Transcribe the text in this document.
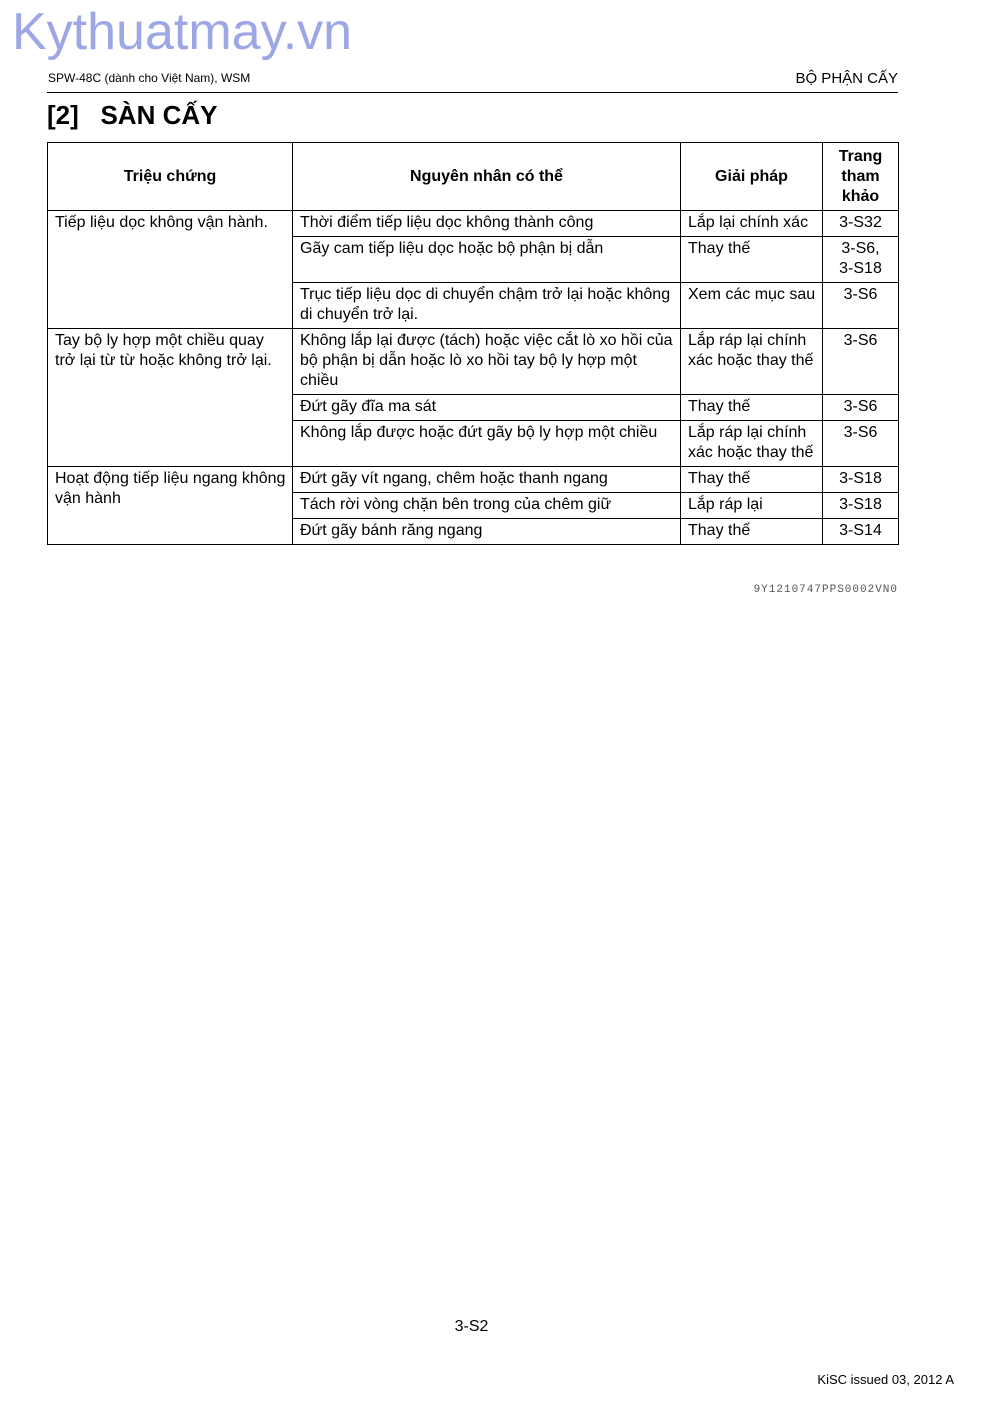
Kythuatmay.vn
SPW-48C (dành cho Việt Nam), WSM	BỘ PHẬN CẤY
[2] SÀN CẤY
Triệu chứng	Nguyên nhân có thể	Giải pháp	Trang
tham
khảo
Tiếp liệu dọc không vận hành.	Thời điểm tiếp liệu dọc không thành công	Lắp lại chính xác	3-S32
	Gãy cam tiếp liệu dọc hoặc bộ phận bị dẫn	Thay thế	3-S6,
3-S18
	Trục tiếp liệu dọc di chuyển chậm trở lại hoặc không di chuyển trở lại.	Xem các mục sau	3-S6
Tay bộ ly hợp một chiều quay trở lại từ từ hoặc không trở lại.	Không lắp lại được (tách) hoặc việc cắt lò xo hồi của bộ phận bị dẫn hoặc lò xo hồi tay bộ ly hợp một chiều	Lắp ráp lại chính xác hoặc thay thế	3-S6
	Đứt gãy đĩa ma sát	Thay thế	3-S6
	Không lắp được hoặc đứt gãy bộ ly hợp một chiều	Lắp ráp lại chính xác hoặc thay thế	3-S6
Hoạt động tiếp liệu ngang không vận hành	Đứt gãy vít ngang, chêm hoặc thanh ngang	Thay thế	3-S18
	Tách rời vòng chặn bên trong của chêm giữ	Lắp ráp lại	3-S18
	Đứt gãy bánh răng ngang	Thay thế	3-S14
9Y1210747PPS0002VN0
3-S2
KiSC issued 03, 2012 A
